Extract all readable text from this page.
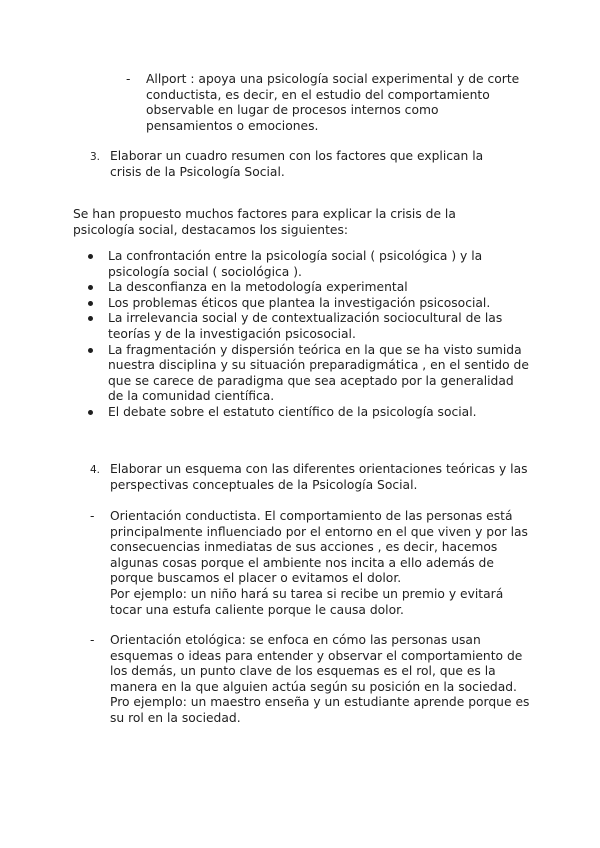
- Allport : apoya una psicología social experimental y de corte conductista, es decir, en el estudio del comportamiento observable en lugar de procesos internos como pensamientos o emociones.

3. Elaborar un cuadro resumen con los factores que explican la crisis de la Psicología Social.

Se han propuesto muchos factores para explicar la crisis de la psicología social, destacamos los siguientes:

La confrontación entre la psicología social ( psicológica ) y la psicología social ( sociológica ).
La desconfianza en la metodología experimental
Los problemas éticos que plantea la investigación psicosocial.
La irrelevancia social y de contextualización sociocultural de las teorías y de la investigación psicosocial.
La fragmentación y dispersión teórica en la que se ha visto sumida nuestra disciplina y su situación preparadigmática , en el sentido de que se carece de paradigma que sea aceptado por la generalidad de la comunidad científica.
El debate sobre el estatuto científico de la psicología social.
4. Elaborar un esquema con las diferentes orientaciones teóricas y las perspectivas conceptuales de la Psicología Social.

- Orientación conductista. El comportamiento de las personas está principalmente influenciado por el entorno en el que viven y por las consecuencias inmediatas de sus acciones , es decir, hacemos algunas cosas porque el ambiente nos incita a ello además de porque buscamos el placer o evitamos el dolor.

Por ejemplo: un niño hará su tarea si recibe un premio y evitará tocar una estufa caliente porque le causa dolor.

- Orientación etológica: se enfoca en cómo las personas usan esquemas o ideas para entender y observar el comportamiento de los demás, un punto clave de los esquemas es el rol, que es la manera en la que alguien actúa según su posición en la sociedad.

Pro ejemplo: un maestro enseña y un estudiante aprende porque es su rol en la sociedad.
